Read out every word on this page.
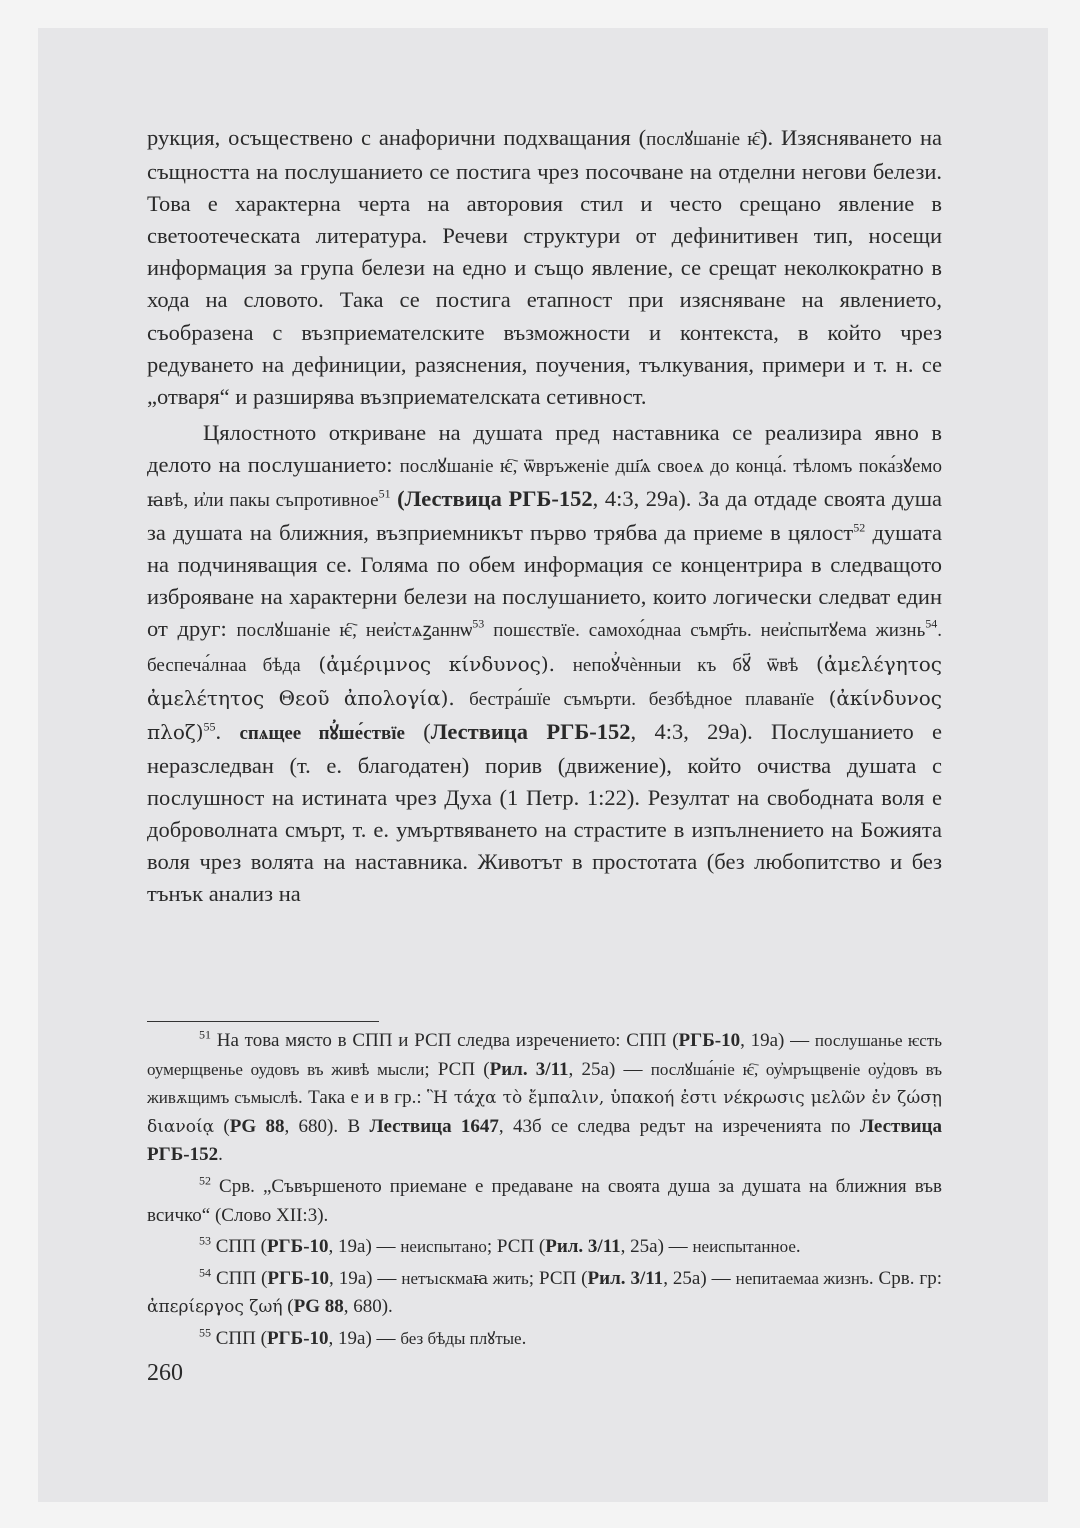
рукция, осъществено с анафорични подхващания (послꙋшаніе ѥ҇). Изясняването на същността на послушанието се постига чрез посочване на отделни негови белези. Това е характерна черта на авторовия стил и често срещано явление в светоотеческата литература. Речеви структури от дефинитивен тип, носещи информация за група белези на едно и също явление, се срещат неколкократно в хода на словото. Така се постига етапност при изясняване на явлението, съобразена с възприемателските възможности и контекста, в който чрез редуването на дефиниции, разяснения, поучения, тълкувания, примери и т. н. се „отваря“ и разширява възприемателската сетивност.

Цялостното откриване на душата пред наставника се реализира явно в делото на послушанието: послꙋшаніе ѥ҇, ѿвръженіе дш҃ѧ своеѧ до конца́. тѣломъ пока́зꙋемо ꙗвѣ, и҆ли пакы съпротивное$^{51}$ (Лествица РГБ-152, 4:3, 29а). За да отдаде своята душа за душата на ближния, възприемникът първо трябва да приеме в цялост$^{52}$ душата на подчиняващия се. Голяма по обем информация се концентрира в следващото изброяване на характерни белези на послушанието, които логически следват един от друг: послꙋшаніе ѥ҇, неи҆стѧꙁаннѡ$^{53}$ пошєствїе. самохо́днаа съмр҃ть. неи҆спытꙋема жизнь$^{54}$. беспеча́лнаа бѣда (ἀμέριμνος κίνδυνος). непоꙋ҆чѐнныи къ бꙋ҃ ѿвѣ (ἀμελέγητος ἀμελέτητος Θεοῦ ἀπολογία). бестра́шїе съмърти. безбѣдное плаванїе (ἀκίνδυνος πλοζ)$^{55}$. спѧщее пꙋ҆ше́ствїе (Лествица РГБ-152, 4:3, 29а). Послушанието е неразследван (т. е. благодатен) порив (движение), който очиства душата с послушност на истината чрез Духа (1 Петр. 1:22). Резултат на свободната воля е доброволната смърт, т. е. умъртвяването на страстите в изпълнението на Божията воля чрез волята на наставника. Животът в простотата (без любопитство и без тънък анализ на

$^{51}$ На това място в СПП и РСП следва изречението: СПП (РГБ-10, 19а) — послушанье ѥсть оумерщвенье оудовъ въ живѣ мысли; РСП (Рил. 3/11, 25а) — послꙋша́ніе ѥ҇, оу҆мръщвеніе оу҆довъ въ живѫщимъ съмыслѣ. Така е и в гр.: Ἣ τάχα τὸ ἔμπαλιν, ὑπακοή ἐστι νέκρωσις μελῶν ἐν ζώσῃ διανοίᾳ (PG 88, 680). В Лествица 1647, 43б се следва редът на изреченията по Лествица РГБ-152.

$^{52}$ Срв. „Съвършеното приемане е предаване на своята душа за душата на ближния във всичко“ (Слово XII:3).

$^{53}$ СПП (РГБ-10, 19а) — неиспытано; РСП (Рил. 3/11, 25а) — неиспытанное.

$^{54}$ СПП (РГБ-10, 19а) — нетъıскмаꙗ жить; РСП (Рил. 3/11, 25а) — непитаемаа жизнъ. Срв. гр: ἀπερίεργος ζωή (PG 88, 680).

$^{55}$ СПП (РГБ-10, 19а) — без бѣды плꙋтые.

260
